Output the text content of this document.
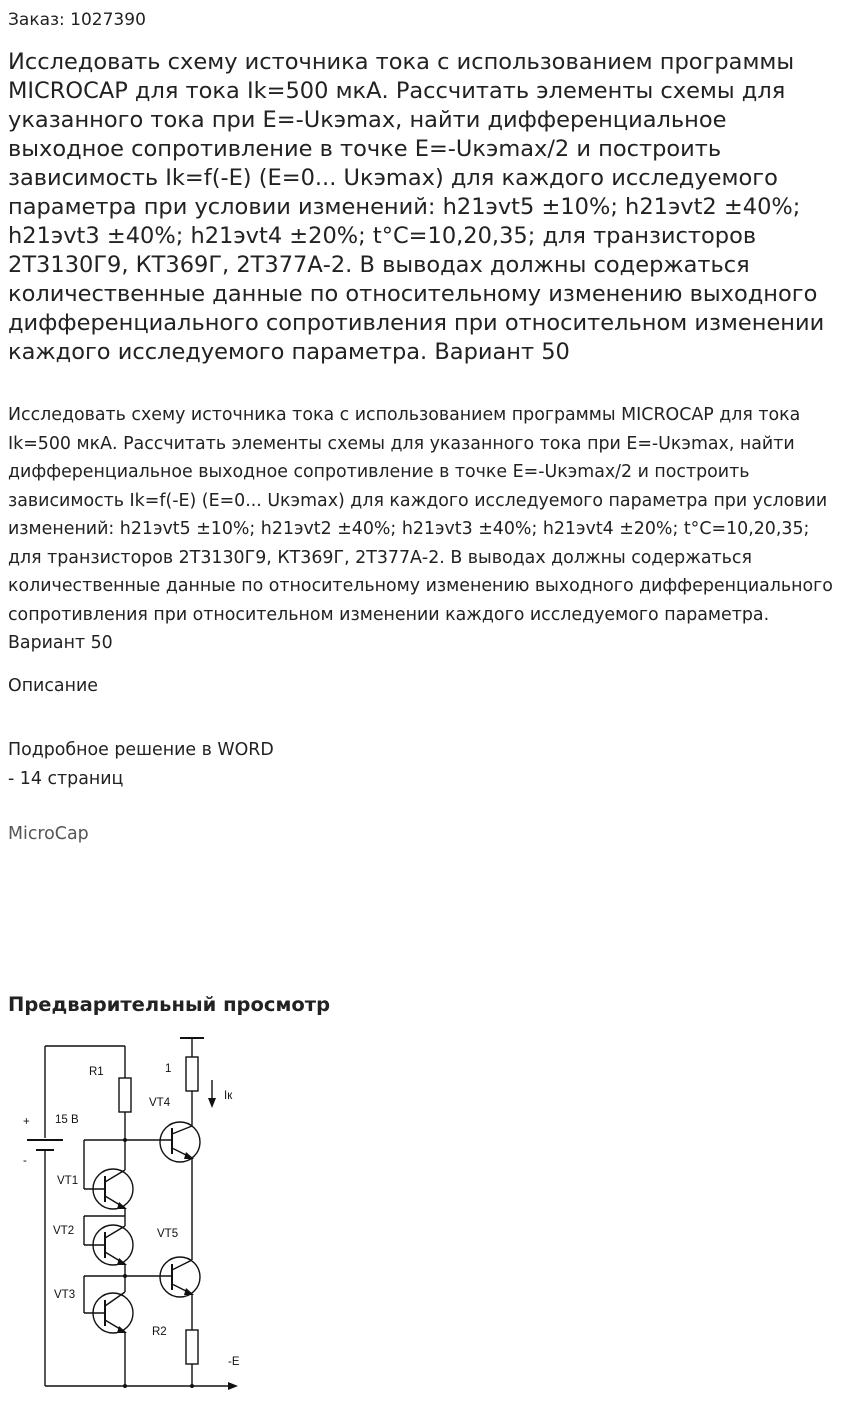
Заказ: 1027390
Исследовать схему источника тока с использованием программы MICROCAP для тока Ik=500 мкА. Рассчитать элементы схемы для указанного тока при E=-Uкэmax, найти дифференциальное выходное сопротивление в точке E=-Uкэmax/2 и построить зависимость Ik=f(-E) (E=0... Uкэmax) для каждого исследуемого параметра при условии изменений: h21эvt5 ±10%; h21эvt2 ±40%; h21эvt3 ±40%; h21эvt4 ±20%; t°C=10,20,35; для транзисторов 2Т3130Г9, КТ369Г, 2Т377А-2. В выводах должны содержаться количественные данные по относительному изменению выходного дифференциального сопротивления при относительном изменении каждого исследуемого параметра. Вариант 50

Исследовать схему источника тока с использованием программы MICROCAP для тока Ik=500 мкА. Рассчитать элементы схемы для указанного тока при E=-Uкэmax, найти дифференциальное выходное сопротивление в точке E=-Uкэmax/2 и построить зависимость Ik=f(-E) (E=0... Uкэmax) для каждого исследуемого параметра при условии изменений: h21эvt5 ±10%; h21эvt2 ±40%; h21эvt3 ±40%; h21эvt4 ±20%; t°C=10,20,35; для транзисторов 2Т3130Г9, КТ369Г, 2Т377А-2. В выводах должны содержаться количественные данные по относительному изменению выходного дифференциального сопротивления при относительном изменении каждого исследуемого параметра. Вариант 50

Описание
Подробное решение в WORD
- 14 страниц
MicroCap
Предварительный просмотр
R1	1
Iк
VT4
+ 15 В
-
VT1
VT2	VT5
VT3
R2
-E
